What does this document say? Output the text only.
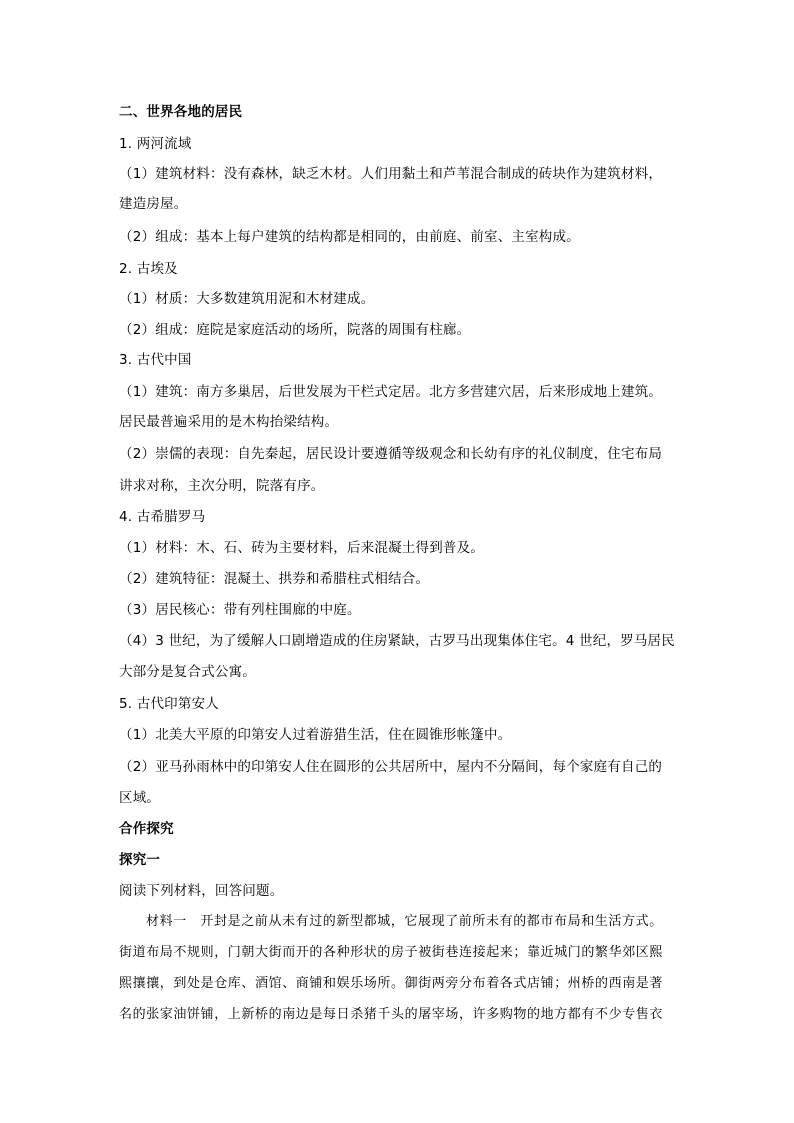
二、世界各地的居民
1. 两河流域
（1）建筑材料：没有森林，缺乏木材。人们用黏土和芦苇混合制成的砖块作为建筑材料，
建造房屋。
（2）组成：基本上每户建筑的结构都是相同的，由前庭、前室、主室构成。
2. 古埃及
（1）材质：大多数建筑用泥和木材建成。
（2）组成：庭院是家庭活动的场所，院落的周围有柱廊。
3. 古代中国
（1）建筑：南方多巢居，后世发展为干栏式定居。北方多营建穴居，后来形成地上建筑。
居民最普遍采用的是木构抬梁结构。
（2）崇儒的表现：自先秦起，居民设计要遵循等级观念和长幼有序的礼仪制度，住宅布局
讲求对称，主次分明，院落有序。
4. 古希腊罗马
（1）材料：木、石、砖为主要材料，后来混凝土得到普及。
（2）建筑特征：混凝土、拱券和希腊柱式相结合。
（3）居民核心：带有列柱围廊的中庭。
（4）3 世纪，为了缓解人口剧增造成的住房紧缺，古罗马出现集体住宅。4 世纪，罗马居民
大部分是复合式公寓。
5. 古代印第安人
（1）北美大平原的印第安人过着游猎生活，住在圆锥形帐篷中。
（2）亚马孙雨林中的印第安人住在圆形的公共居所中，屋内不分隔间，每个家庭有自己的
区域。
合作探究
探究一
阅读下列材料，回答问题。
材料一　开封是之前从未有过的新型都城，它展现了前所未有的都市布局和生活方式。
街道布局不规则，门朝大街而开的各种形状的房子被街巷连接起来；靠近城门的繁华郊区熙
熙攘攘，到处是仓库、酒馆、商铺和娱乐场所。御街两旁分布着各式店铺；州桥的西南是著
名的张家油饼铺，上新桥的南边是每日杀猪千头的屠宰场，许多购物的地方都有不少专售衣
